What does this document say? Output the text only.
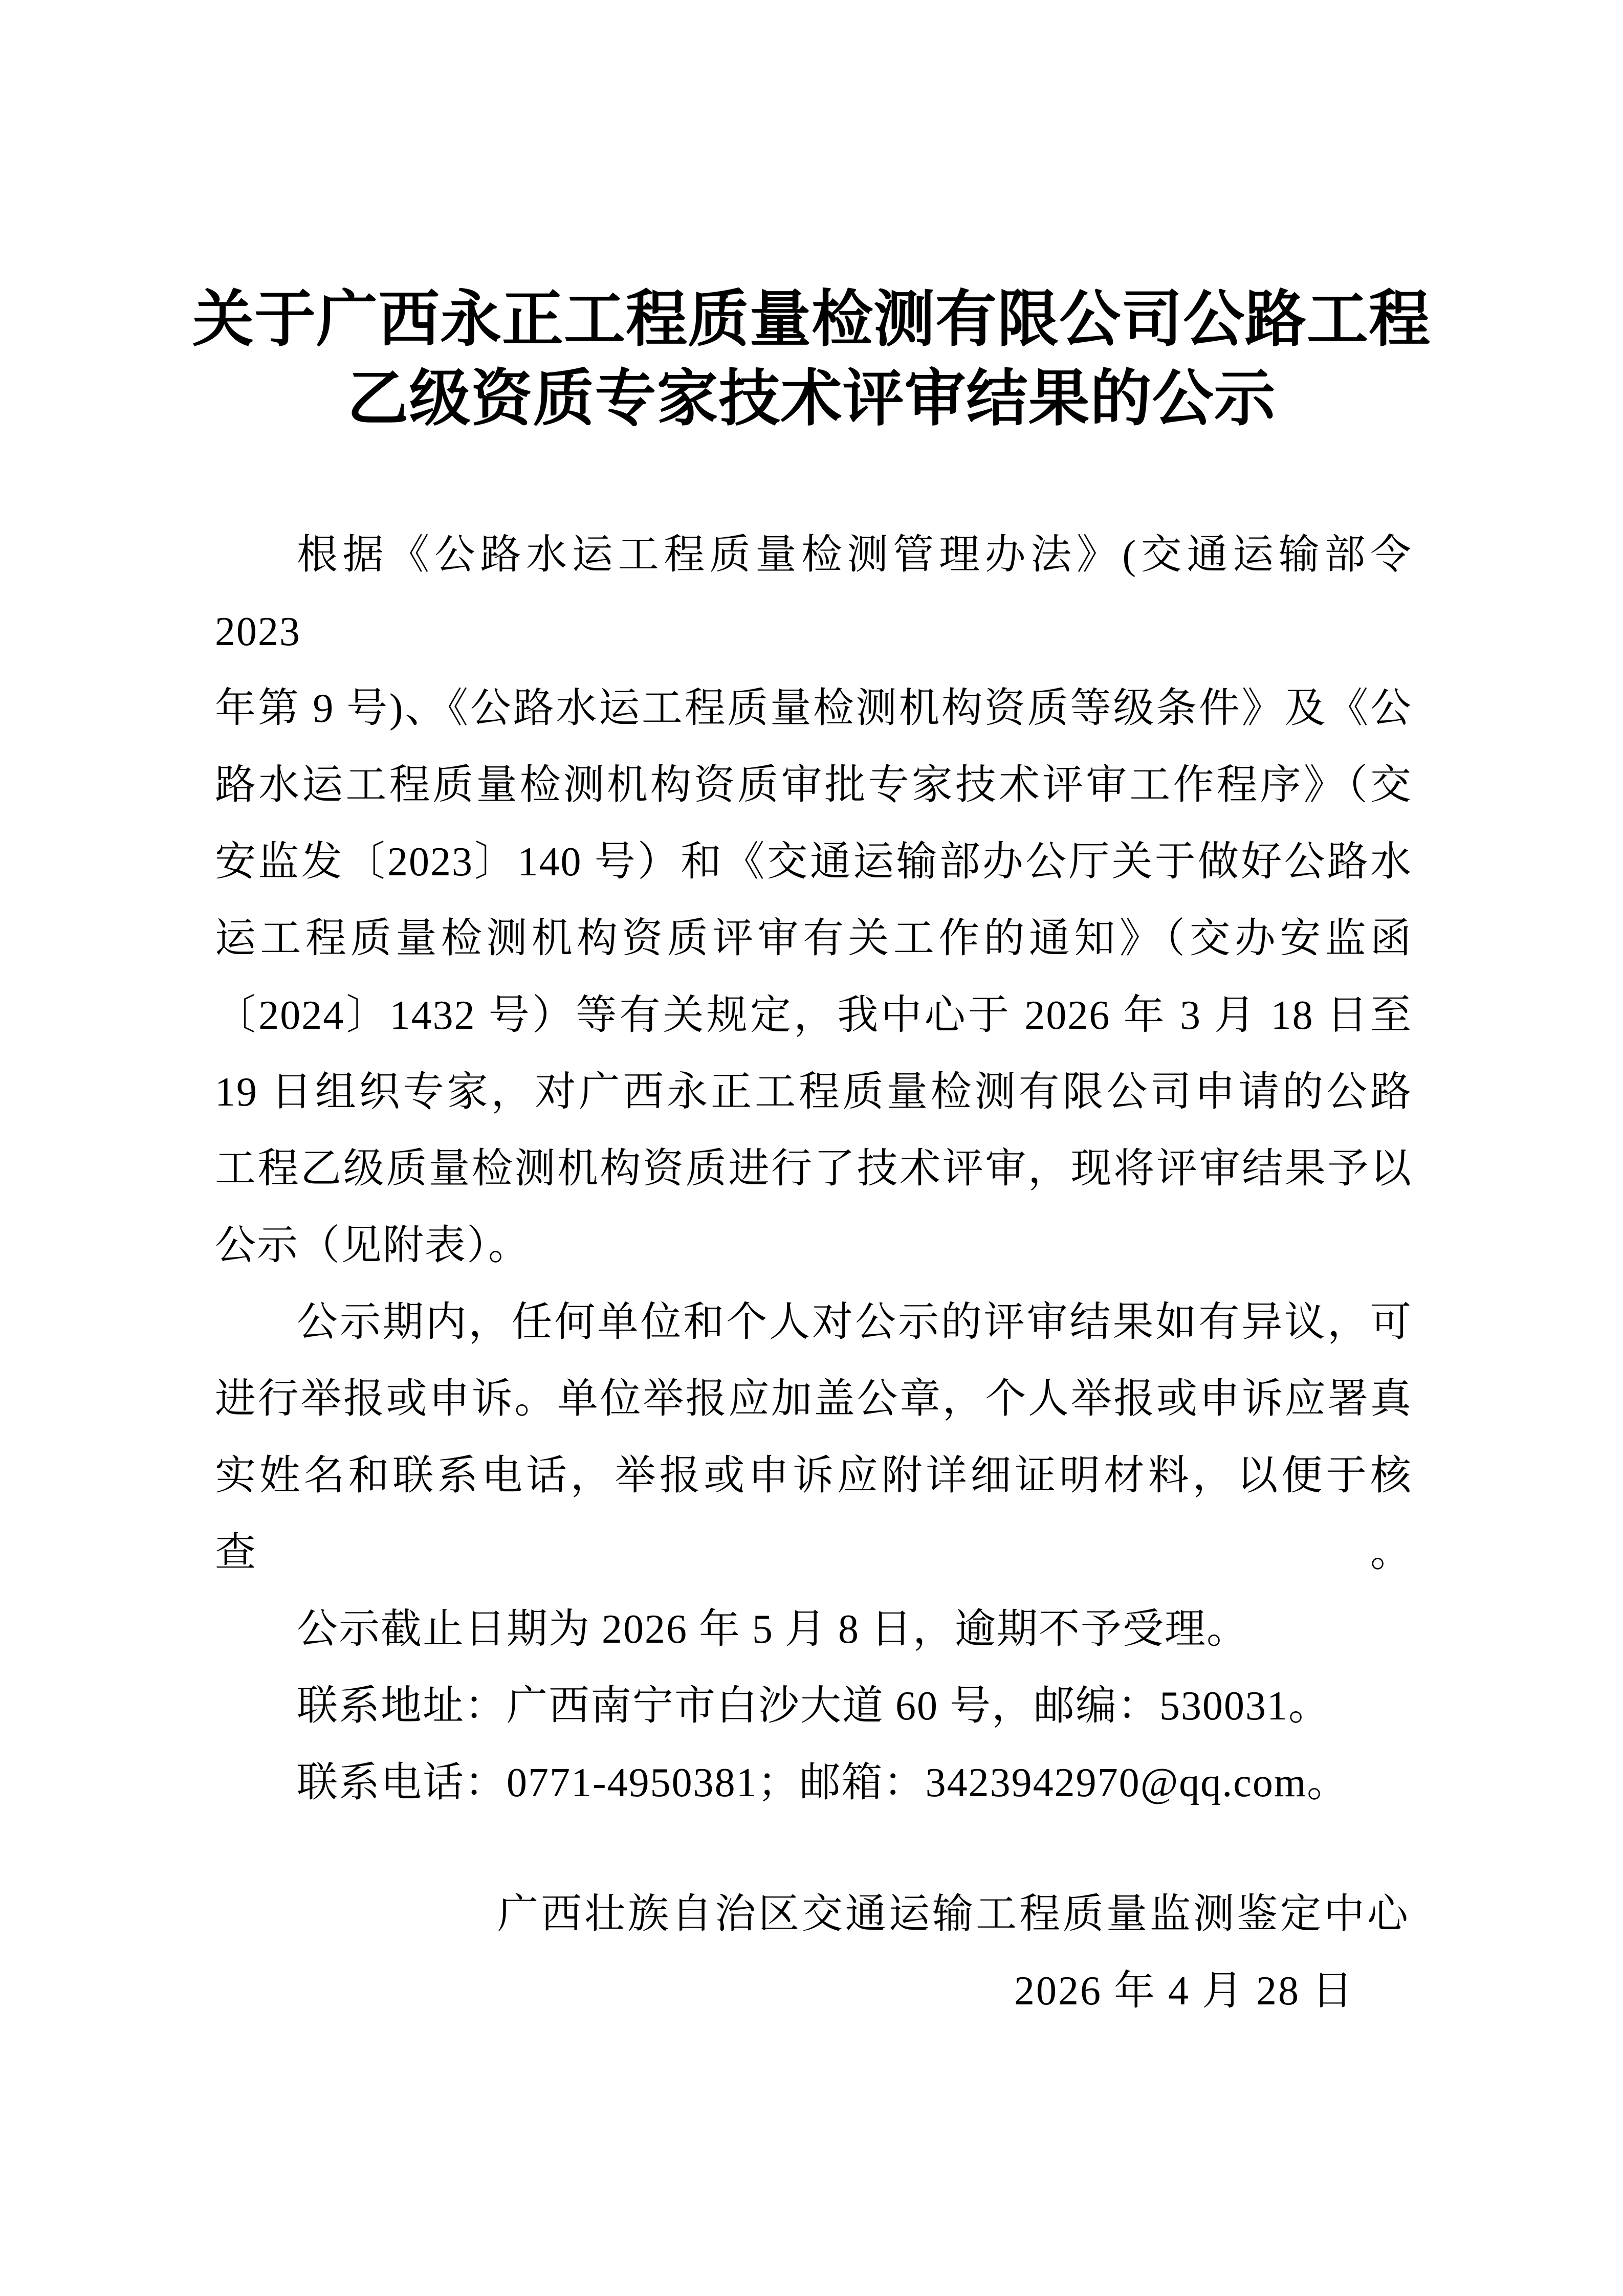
关于广西永正工程质量检测有限公司公路工程
乙级资质专家技术评审结果的公示
根据《公路水运工程质量检测管理办法》(交通运输部令 2023
年第 9 号)、《公路水运工程质量检测机构资质等级条件》及《公
路水运工程质量检测机构资质审批专家技术评审工作程序》（交
安监发〔2023〕140 号）和《交通运输部办公厅关于做好公路水
运工程质量检测机构资质评审有关工作的通知》（交办安监函
〔2024〕1432 号）等有关规定，我中心于 2026 年 3 月 18 日至
19 日组织专家，对广西永正工程质量检测有限公司申请的公路
工程乙级质量检测机构资质进行了技术评审，现将评审结果予以
公示（见附表）。
公示期内，任何单位和个人对公示的评审结果如有异议，可
进行举报或申诉。单位举报应加盖公章，个人举报或申诉应署真
实姓名和联系电话，举报或申诉应附详细证明材料，以便于核查。
公示截止日期为 2026 年 5 月 8 日，逾期不予受理。
联系地址：广西南宁市白沙大道 60 号，邮编：530031。
联系电话：0771-4950381；邮箱：3423942970@qq.com。
广西壮族自治区交通运输工程质量监测鉴定中心
2026 年 4 月 28 日
